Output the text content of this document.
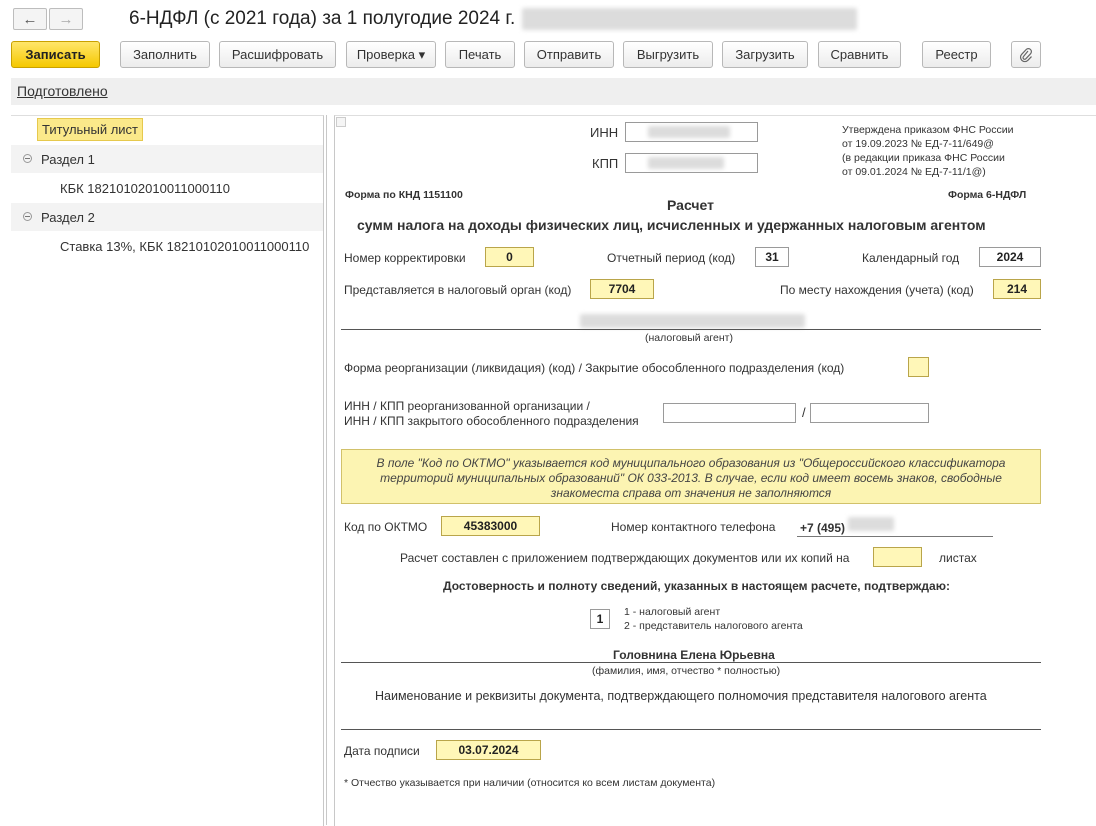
← →	6-НДФЛ (с 2021 года) за 1 полугодие 2024 г.
Записать	Заполнить	Расшифровать	Проверка ▾	Печать	Отправить	Выгрузить	Загрузить	Сравнить	Реестр
Подготовлено
Титульный лист
Раздел 1
КБК 18210102010011000110
Раздел 2
Ставка 13%, КБК 18210102010011000110
ИНН
КПП
Утверждена приказом ФНС России
от 19.09.2023 № ЕД-7-11/649@
(в редакции приказа ФНС России
от 09.01.2024 № ЕД-7-11/1@)
Форма по КНД 1151100	Форма 6-НДФЛ
Расчет
сумм налога на доходы физических лиц, исчисленных и удержанных налоговым агентом
Номер корректировки	0	Отчетный период (код)	31	Календарный год	2024
Представляется в налоговый орган (код)	7704	По месту нахождения (учета) (код)	214
(налоговый агент)
Форма реорганизации (ликвидация) (код) / Закрытие обособленного подразделения (код)
ИНН / КПП реорганизованной организации /
ИНН / КПП закрытого обособленного подразделения
/
В поле "Код по ОКТМО" указывается код муниципального образования из "Общероссийского классификатора
территорий муниципальных образований" ОК 033-2013. В случае, если код имеет восемь знаков, свободные
знакоместа справа от значения не заполняются
Код по ОКТМО	45383000	Номер контактного телефона +7 (495)
Расчет составлен с приложением подтверждающих документов или их копий на	листах
Достоверность и полноту сведений, указанных в настоящем расчете, подтверждаю:
1	1 - налоговый агент
2 - представитель налогового агента
Головнина Елена Юрьевна
(фамилия, имя, отчество * полностью)
Наименование и реквизиты документа, подтверждающего полномочия представителя налогового агента
Дата подписи	03.07.2024
* Отчество указывается при наличии (относится ко всем листам документа)
